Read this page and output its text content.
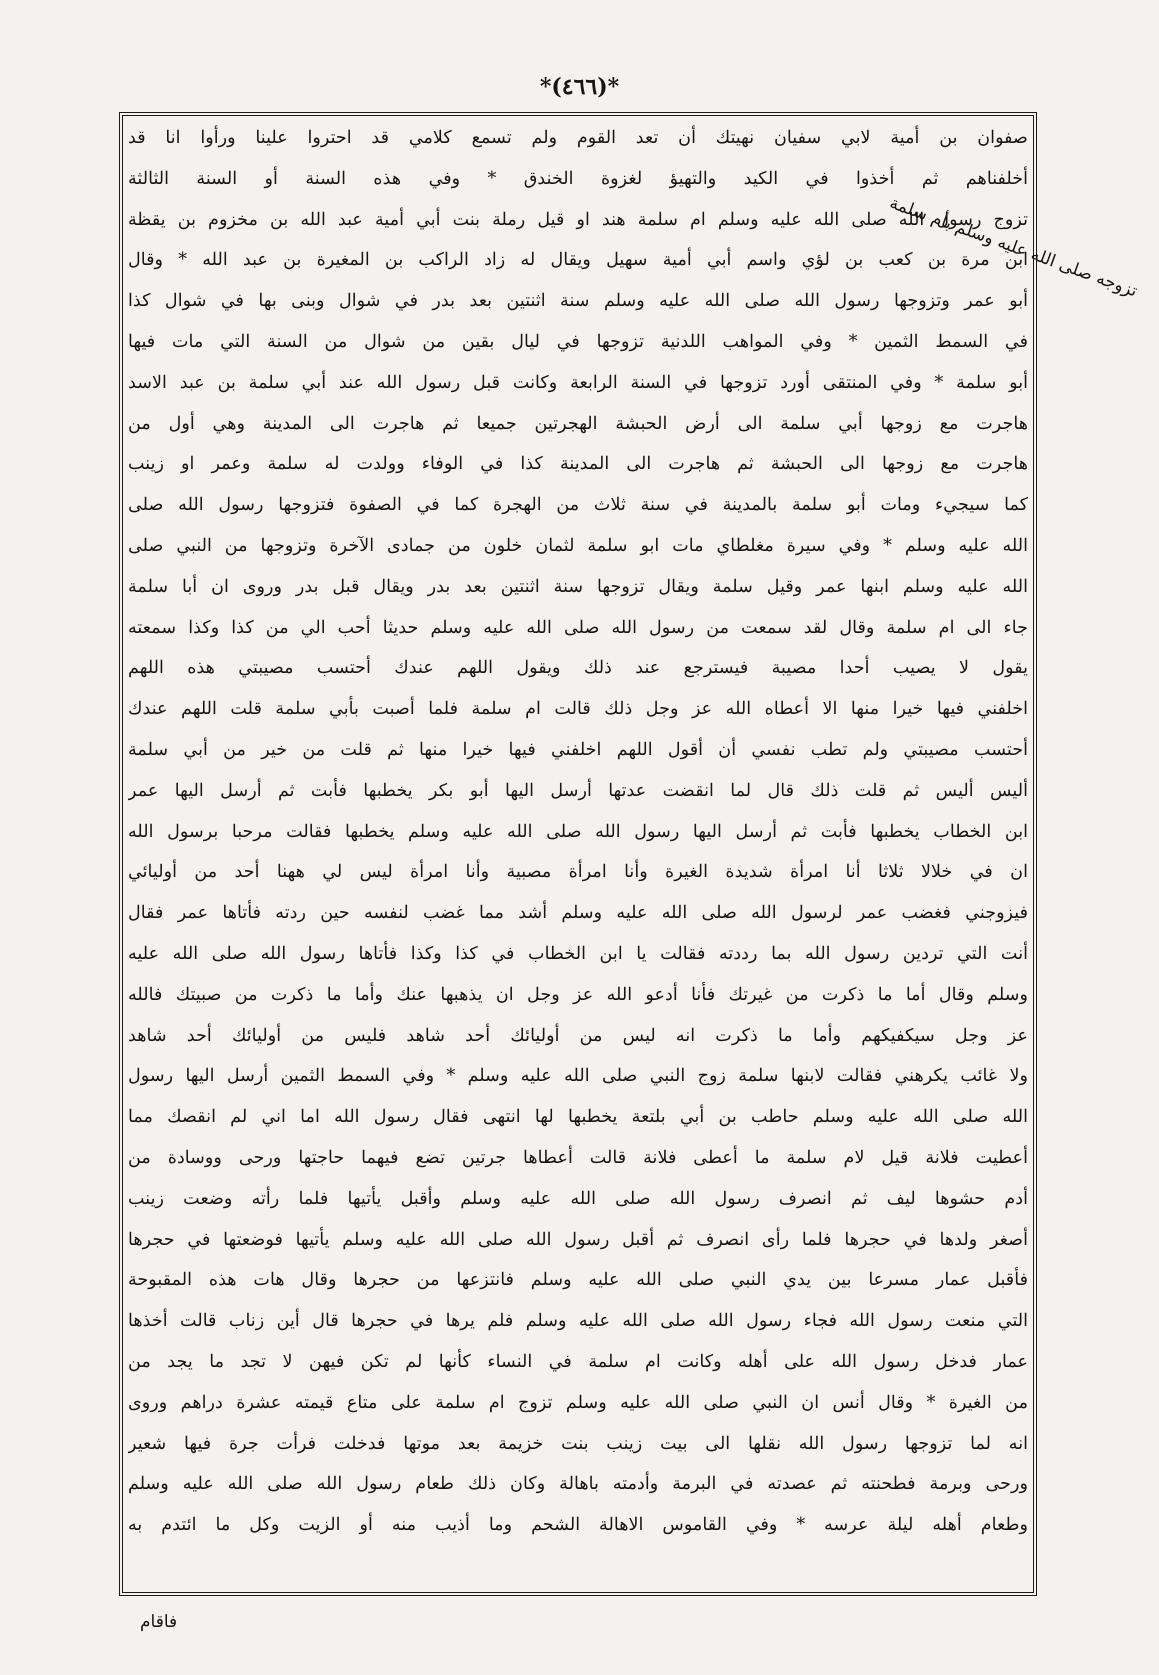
*(٤٦٦)*
تزوجه صلى الله عليه وسلم بأم سلمة
صفوان بن أمية لابي سفيان نهيتك أن تعد القوم ولم تسمع كلامي قد احتروا علينا ورأوا انا قد
أخلفناهم ثم أخذوا في الكيد والتهيؤ لغزوة الخندق * وفي هذه السنة أو السنة الثالثة
تزوج رسول الله صلى الله عليه وسلم ام سلمة هند او قيل رملة بنت أبي أمية عبد الله بن مخزوم بن يقظة
ابن مرة بن كعب بن لؤي واسم أبي أمية سهيل ويقال له زاد الراكب بن المغيرة بن عبد الله * وقال
أبو عمر وتزوجها رسول الله صلى الله عليه وسلم سنة اثنتين بعد بدر في شوال وبنى بها في شوال كذا
في السمط الثمين * وفي المواهب اللدنية تزوجها في ليال بقين من شوال من السنة التي مات فيها
أبو سلمة * وفي المنتقى أورد تزوجها في السنة الرابعة وكانت قبل رسول الله عند أبي سلمة بن عبد الاسد
هاجرت مع زوجها أبي سلمة الى أرض الحبشة الهجرتين جميعا ثم هاجرت الى المدينة وهي أول من
هاجرت مع زوجها الى الحبشة ثم هاجرت الى المدينة كذا في الوفاء وولدت له سلمة وعمر او زينب
كما سيجيء ومات أبو سلمة بالمدينة في سنة ثلاث من الهجرة كما في الصفوة فتزوجها رسول الله صلى
الله عليه وسلم * وفي سيرة مغلطاي مات ابو سلمة لثمان خلون من جمادى الآخرة وتزوجها من النبي صلى
الله عليه وسلم ابنها عمر وقيل سلمة ويقال تزوجها سنة اثنتين بعد بدر ويقال قبل بدر وروى ان أبا سلمة
جاء الى ام سلمة وقال لقد سمعت من رسول الله صلى الله عليه وسلم حديثا أحب الي من كذا وكذا سمعته
يقول لا يصيب أحدا مصيبة فيسترجع عند ذلك ويقول اللهم عندك أحتسب مصيبتي هذه اللهم
اخلفني فيها خيرا منها الا أعطاه الله عز وجل ذلك قالت ام سلمة فلما أصبت بأبي سلمة قلت اللهم عندك
أحتسب مصيبتي ولم تطب نفسي أن أقول اللهم اخلفني فيها خيرا منها ثم قلت من خير من أبي سلمة
أليس أليس ثم قلت ذلك قال لما انقضت عدتها أرسل اليها أبو بكر يخطبها فأبت ثم أرسل اليها عمر
ابن الخطاب يخطبها فأبت ثم أرسل اليها رسول الله صلى الله عليه وسلم يخطبها فقالت مرحبا برسول الله
ان في خلالا ثلاثا أنا امرأة شديدة الغيرة وأنا امرأة مصبية وأنا امرأة ليس لي ههنا أحد من أوليائي
فيزوجني فغضب عمر لرسول الله صلى الله عليه وسلم أشد مما غضب لنفسه حين ردته فأتاها عمر فقال
أنت التي تردين رسول الله بما رددته فقالت يا ابن الخطاب في كذا وكذا فأتاها رسول الله صلى الله عليه
وسلم وقال أما ما ذكرت من غيرتك فأنا أدعو الله عز وجل ان يذهبها عنك وأما ما ذكرت من صبيتك فالله
عز وجل سيكفيكهم وأما ما ذكرت انه ليس من أوليائك أحد شاهد فليس من أوليائك أحد شاهد
ولا غائب يكرهني فقالت لابنها سلمة زوج النبي صلى الله عليه وسلم * وفي السمط الثمين أرسل اليها رسول
الله صلى الله عليه وسلم حاطب بن أبي بلتعة يخطبها لها انتهى فقال رسول الله اما اني لم انقصك مما
أعطيت فلانة قيل لام سلمة ما أعطى فلانة قالت أعطاها جرتين تضع فيهما حاجتها ورحى ووسادة من
أدم حشوها ليف ثم انصرف رسول الله صلى الله عليه وسلم وأقبل يأتيها فلما رأته وضعت زينب
أصغر ولدها في حجرها فلما رأى انصرف ثم أقبل رسول الله صلى الله عليه وسلم يأتيها فوضعتها في حجرها
فأقبل عمار مسرعا بين يدي النبي صلى الله عليه وسلم فانتزعها من حجرها وقال هات هذه المقبوحة
التي منعت رسول الله فجاء رسول الله صلى الله عليه وسلم فلم يرها في حجرها قال أين زناب قالت أخذها
عمار فدخل رسول الله على أهله وكانت ام سلمة في النساء كأنها لم تكن فيهن لا تجد ما يجد من
من الغيرة * وقال أنس ان النبي صلى الله عليه وسلم تزوج ام سلمة على متاع قيمته عشرة دراهم وروى
انه لما تزوجها رسول الله نقلها الى بيت زينب بنت خزيمة بعد موتها فدخلت فرأت جرة فيها شعير
ورحى وبرمة فطحنته ثم عصدته في البرمة وأدمته باهالة وكان ذلك طعام رسول الله صلى الله عليه وسلم
وطعام أهله ليلة عرسه * وفي القاموس الاهالة الشحم وما أذيب منه أو الزيت وكل ما ائتدم به
فاقام
